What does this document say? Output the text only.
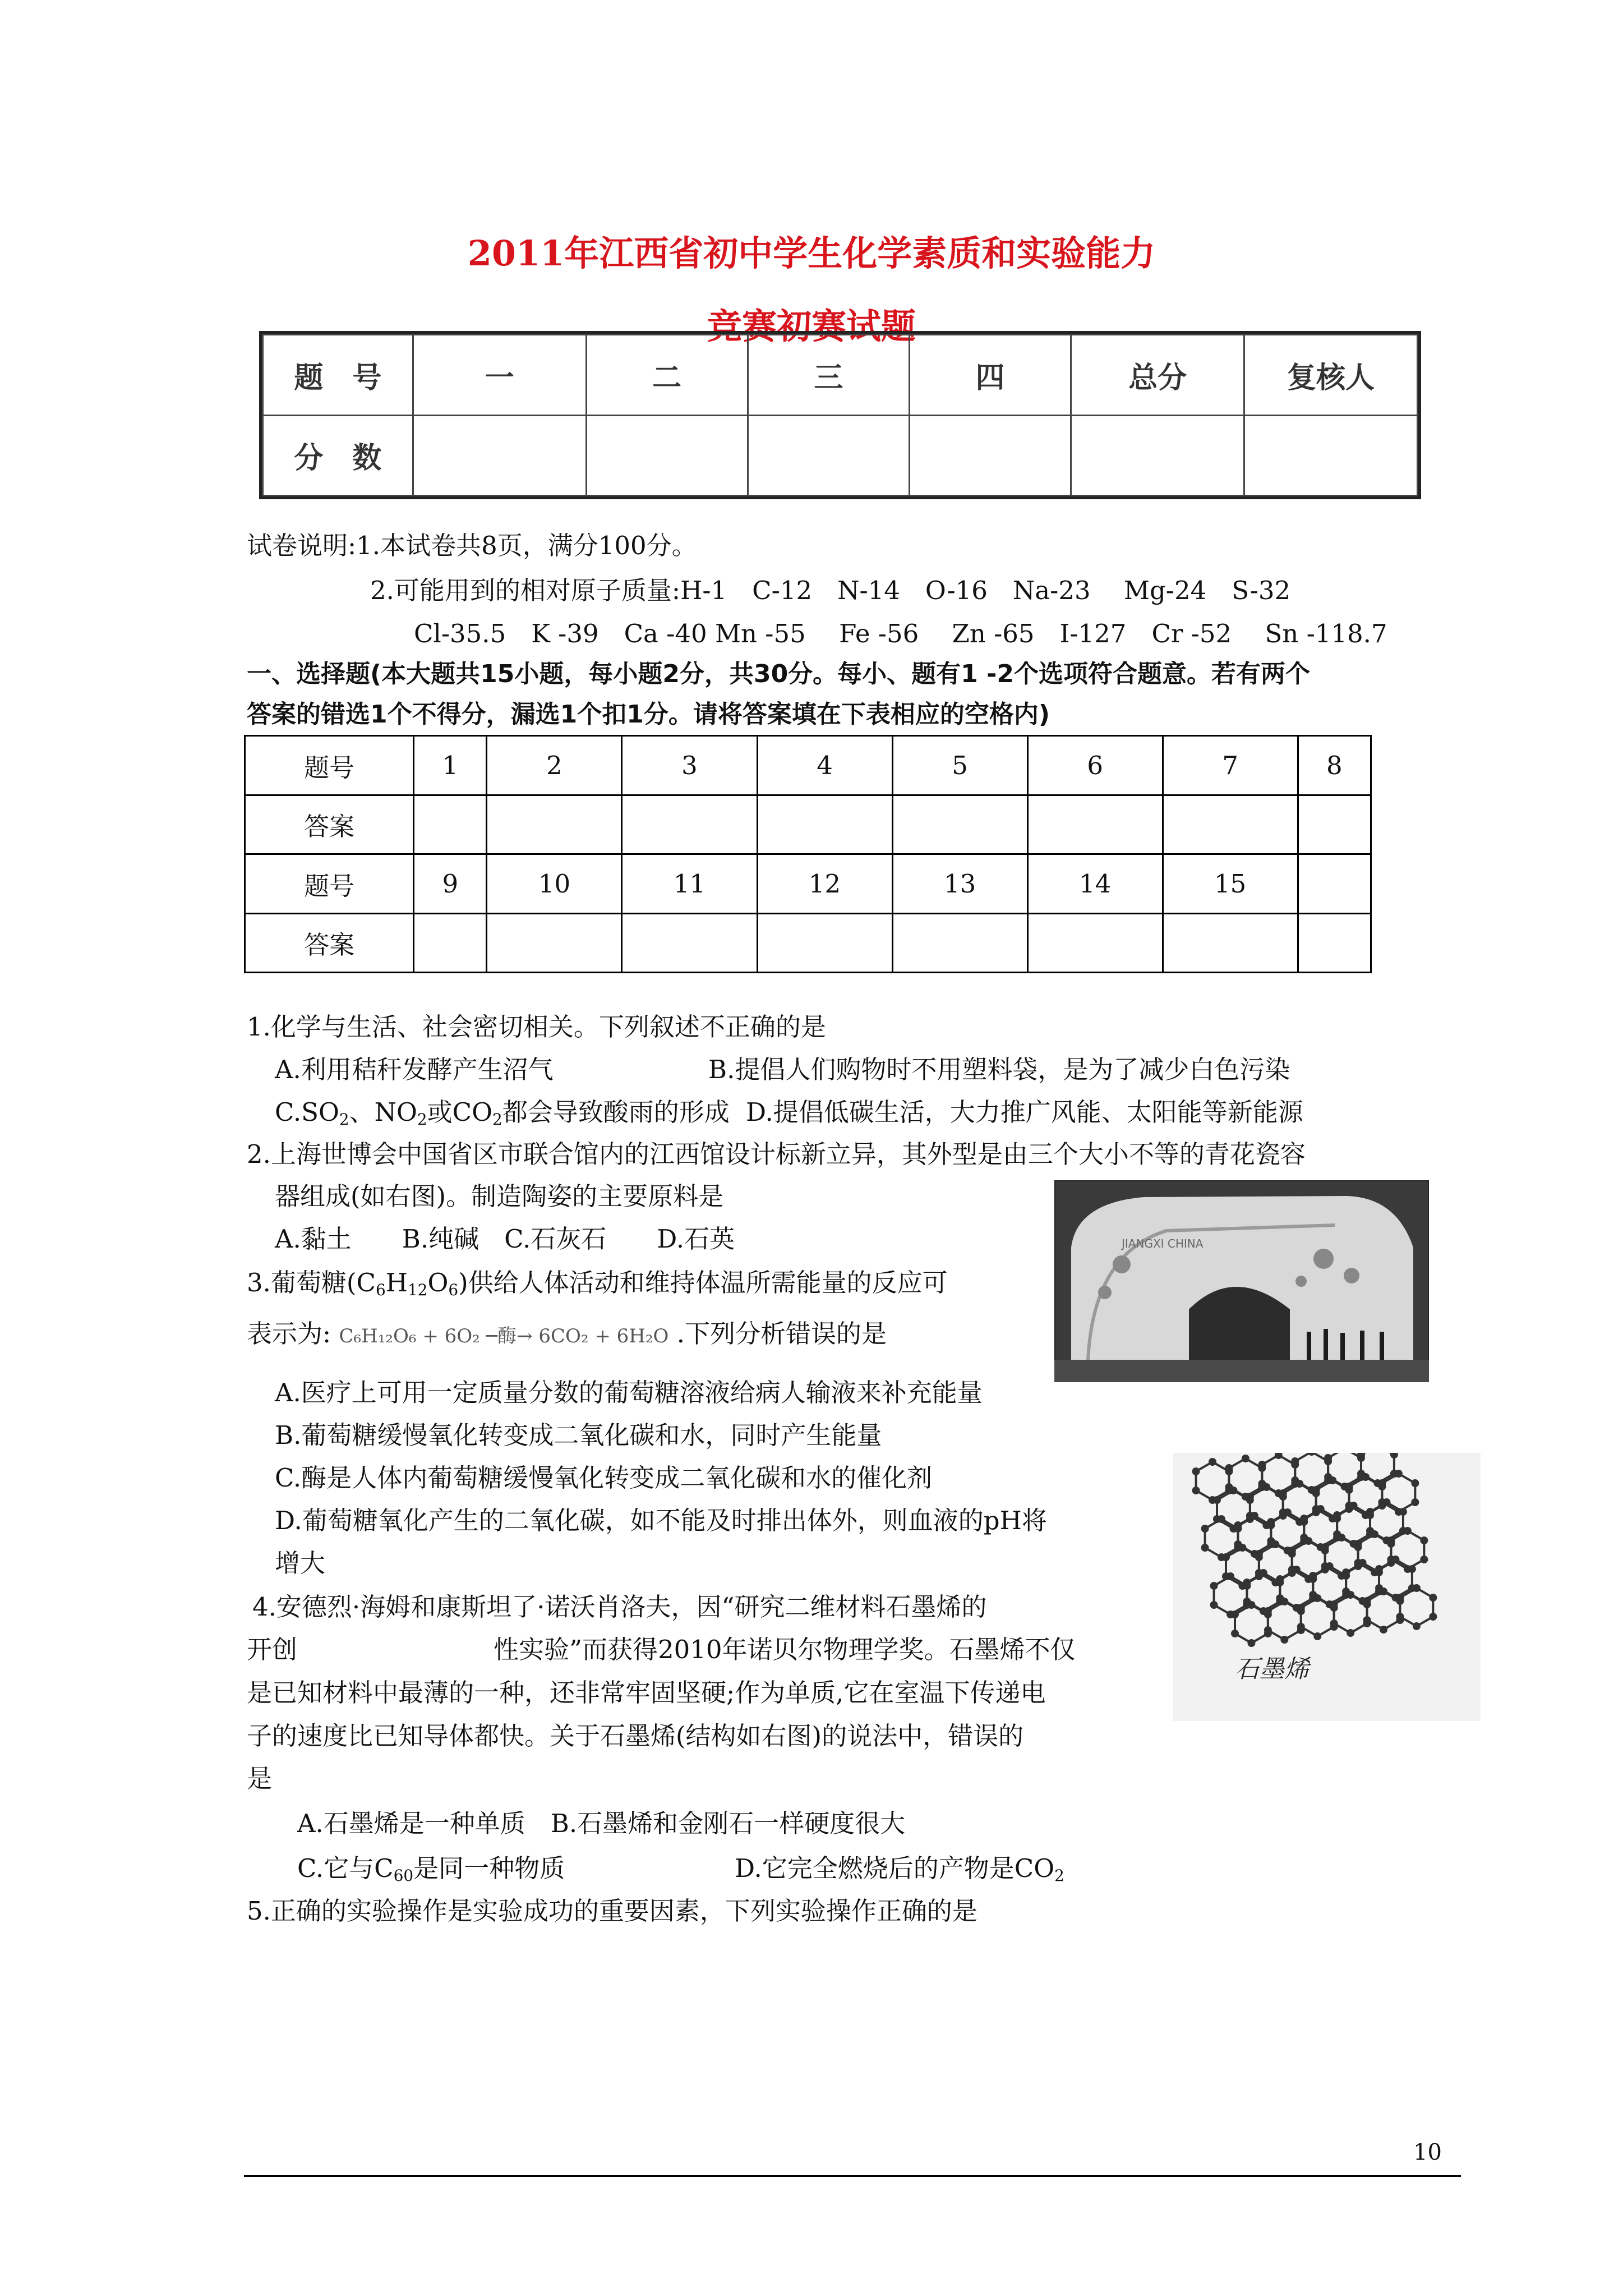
2011年江西省初中学生化学素质和实验能力
竞赛初赛试题
题　号	一	二	三	四	总分	复核人
分　数						
试卷说明:1.本试卷共8页，满分100分。
2.可能用到的相对原子质量:H-1　C-12　N-14　O-16　Na-23　 Mg-24　S-32
Cl-35.5　K -39　Ca -40 Mn -55　 Fe -56　 Zn -65　I-127　Cr -52　 Sn -118.7
一、选择题(本大题共15小题，每小题2分，共30分。每小、题有1 -2个选项符合题意。若有两个
答案的错选1个不得分，漏选1个扣1分。请将答案填在下表相应的空格内)
题号	1	2	3	4	5	6	7	8
答案								
题号	9	10	11	12	13	14	15	
答案								
1.化学与生活、社会密切相关。下列叙述不正确的是
A.利用秸秆发酵产生沼气	B.提倡人们购物时不用塑料袋，是为了减少白色污染
$C.SO_2$、$NO_2$或$CO_2$都会导致酸雨的形成 D.提倡低碳生活，大力推广风能、太阳能等新能源
2.上海世博会中国省区市联合馆内的江西馆设计标新立异，其外型是由三个大小不等的青花瓷容
器组成(如右图)。制造陶姿的主要原料是
A.黏土　　B.纯碱　C.石灰石　　D.石英	JIANGXI CHINA
3.葡萄糖$(C_6H_{12}O_6)$供给人体活动和维持体温所需能量的反应可
表示为: C₆H₁₂O₆ + 6O₂ ─酶→ 6CO₂ + 6H₂O .下列分析错误的是
A.医疗上可用一定质量分数的葡萄糖溶液给病人输液来补充能量
B.葡萄糖缓慢氧化转变成二氧化碳和水，同时产生能量
C.酶是人体内葡萄糖缓慢氧化转变成二氧化碳和水的催化剂
D.葡萄糖氧化产生的二氧化碳，如不能及时排出体外，则血液的pH将
增大
石墨烯
4.安德烈·海姆和康斯坦了·诺沃肖洛夫，因“研究二维材料石墨烯的
开创	性实验”而获得2010年诺贝尔物理学奖。石墨烯不仅
是已知材料中最薄的一种，还非常牢固坚硬;作为单质,它在室温下传递电
子的速度比已知导体都快。关于石墨烯(结构如右图)的说法中，错误的
是
A.石墨烯是一种单质　B.石墨烯和金刚石一样硬度很大
C.它与$C_{60}$是同一种物质	D.它完全燃烧后的产物是$CO_2$
5.正确的实验操作是实验成功的重要因素，下列实验操作正确的是
10
